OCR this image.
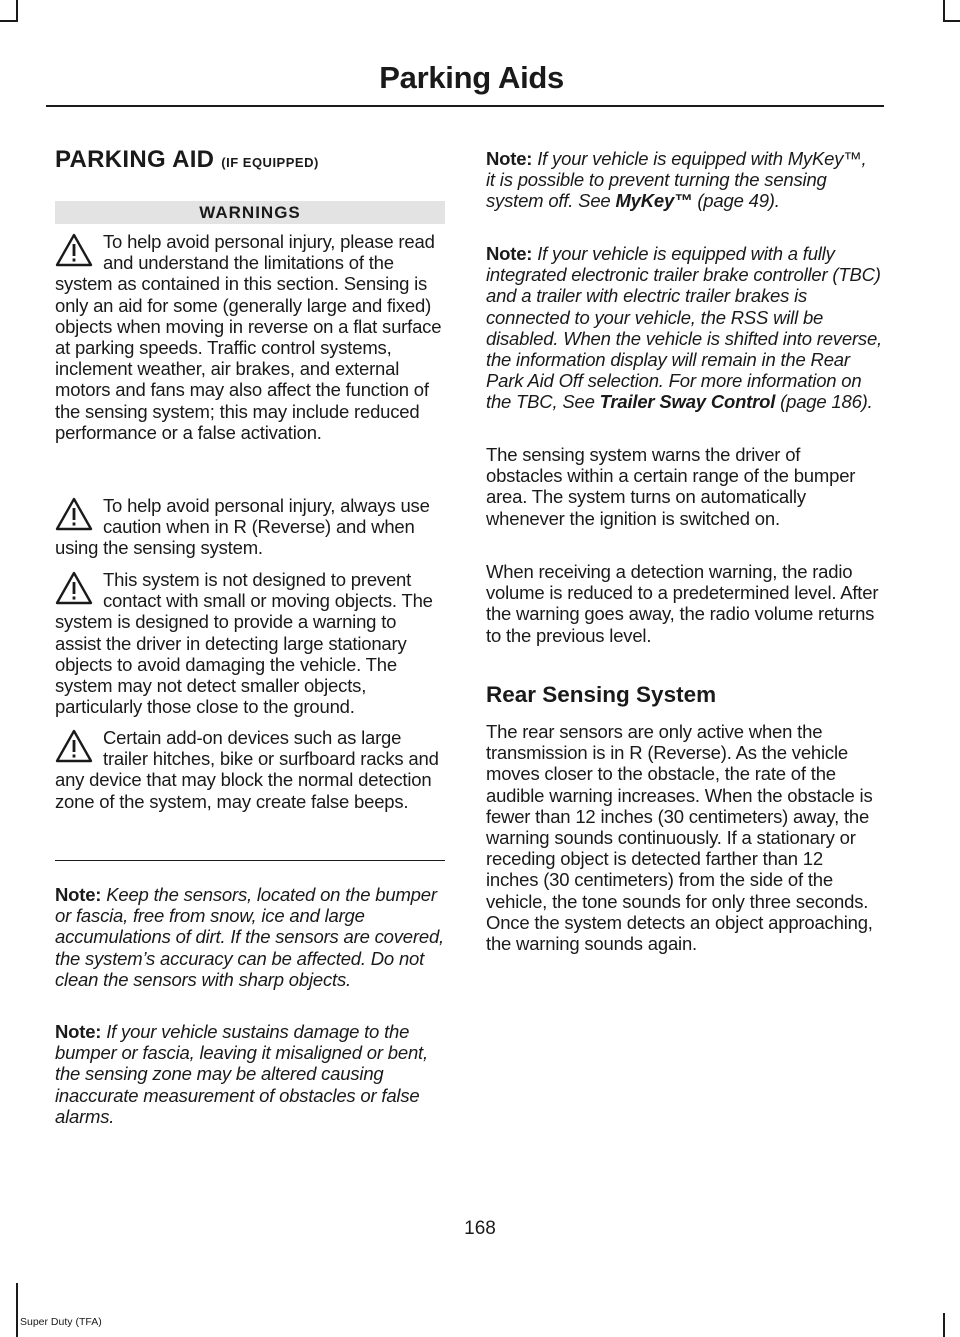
Parking Aids
PARKING AID (IF EQUIPPED)
WARNINGS
To help avoid personal injury, please read and understand the limitations of the system as contained in this section. Sensing is only an aid for some (generally large and fixed) objects when moving in reverse on a flat surface at parking speeds. Traffic control systems, inclement weather, air brakes, and external motors and fans may also affect the function of the sensing system; this may include reduced performance or a false activation.
To help avoid personal injury, always use caution when in R (Reverse) and when using the sensing system.
This system is not designed to prevent contact with small or moving objects. The system is designed to provide a warning to assist the driver in detecting large stationary objects to avoid damaging the vehicle. The system may not detect smaller objects, particularly those close to the ground.
Certain add-on devices such as large trailer hitches, bike or surfboard racks and any device that may block the normal detection zone of the system, may create false beeps.
Note: Keep the sensors, located on the bumper or fascia, free from snow, ice and large accumulations of dirt. If the sensors are covered, the system’s accuracy can be affected. Do not clean the sensors with sharp objects.
Note: If your vehicle sustains damage to the bumper or fascia, leaving it misaligned or bent, the sensing zone may be altered causing inaccurate measurement of obstacles or false alarms.
Note: If your vehicle is equipped with MyKey™, it is possible to prevent turning the sensing system off. See MyKey™ (page 49).
Note: If your vehicle is equipped with a fully integrated electronic trailer brake controller (TBC) and a trailer with electric trailer brakes is connected to your vehicle, the RSS will be disabled. When the vehicle is shifted into reverse, the information display will remain in the Rear Park Aid Off selection. For more information on the TBC, See Trailer Sway Control (page 186).
The sensing system warns the driver of obstacles within a certain range of the bumper area. The system turns on automatically whenever the ignition is switched on.
When receiving a detection warning, the radio volume is reduced to a predetermined level. After the warning goes away, the radio volume returns to the previous level.
Rear Sensing System
The rear sensors are only active when the transmission is in R (Reverse). As the vehicle moves closer to the obstacle, the rate of the audible warning increases. When the obstacle is fewer than 12 inches (30 centimeters) away, the warning sounds continuously. If a stationary or receding object is detected farther than 12 inches (30 centimeters) from the side of the vehicle, the tone sounds for only three seconds. Once the system detects an object approaching, the warning sounds again.
168
Super Duty (TFA)
